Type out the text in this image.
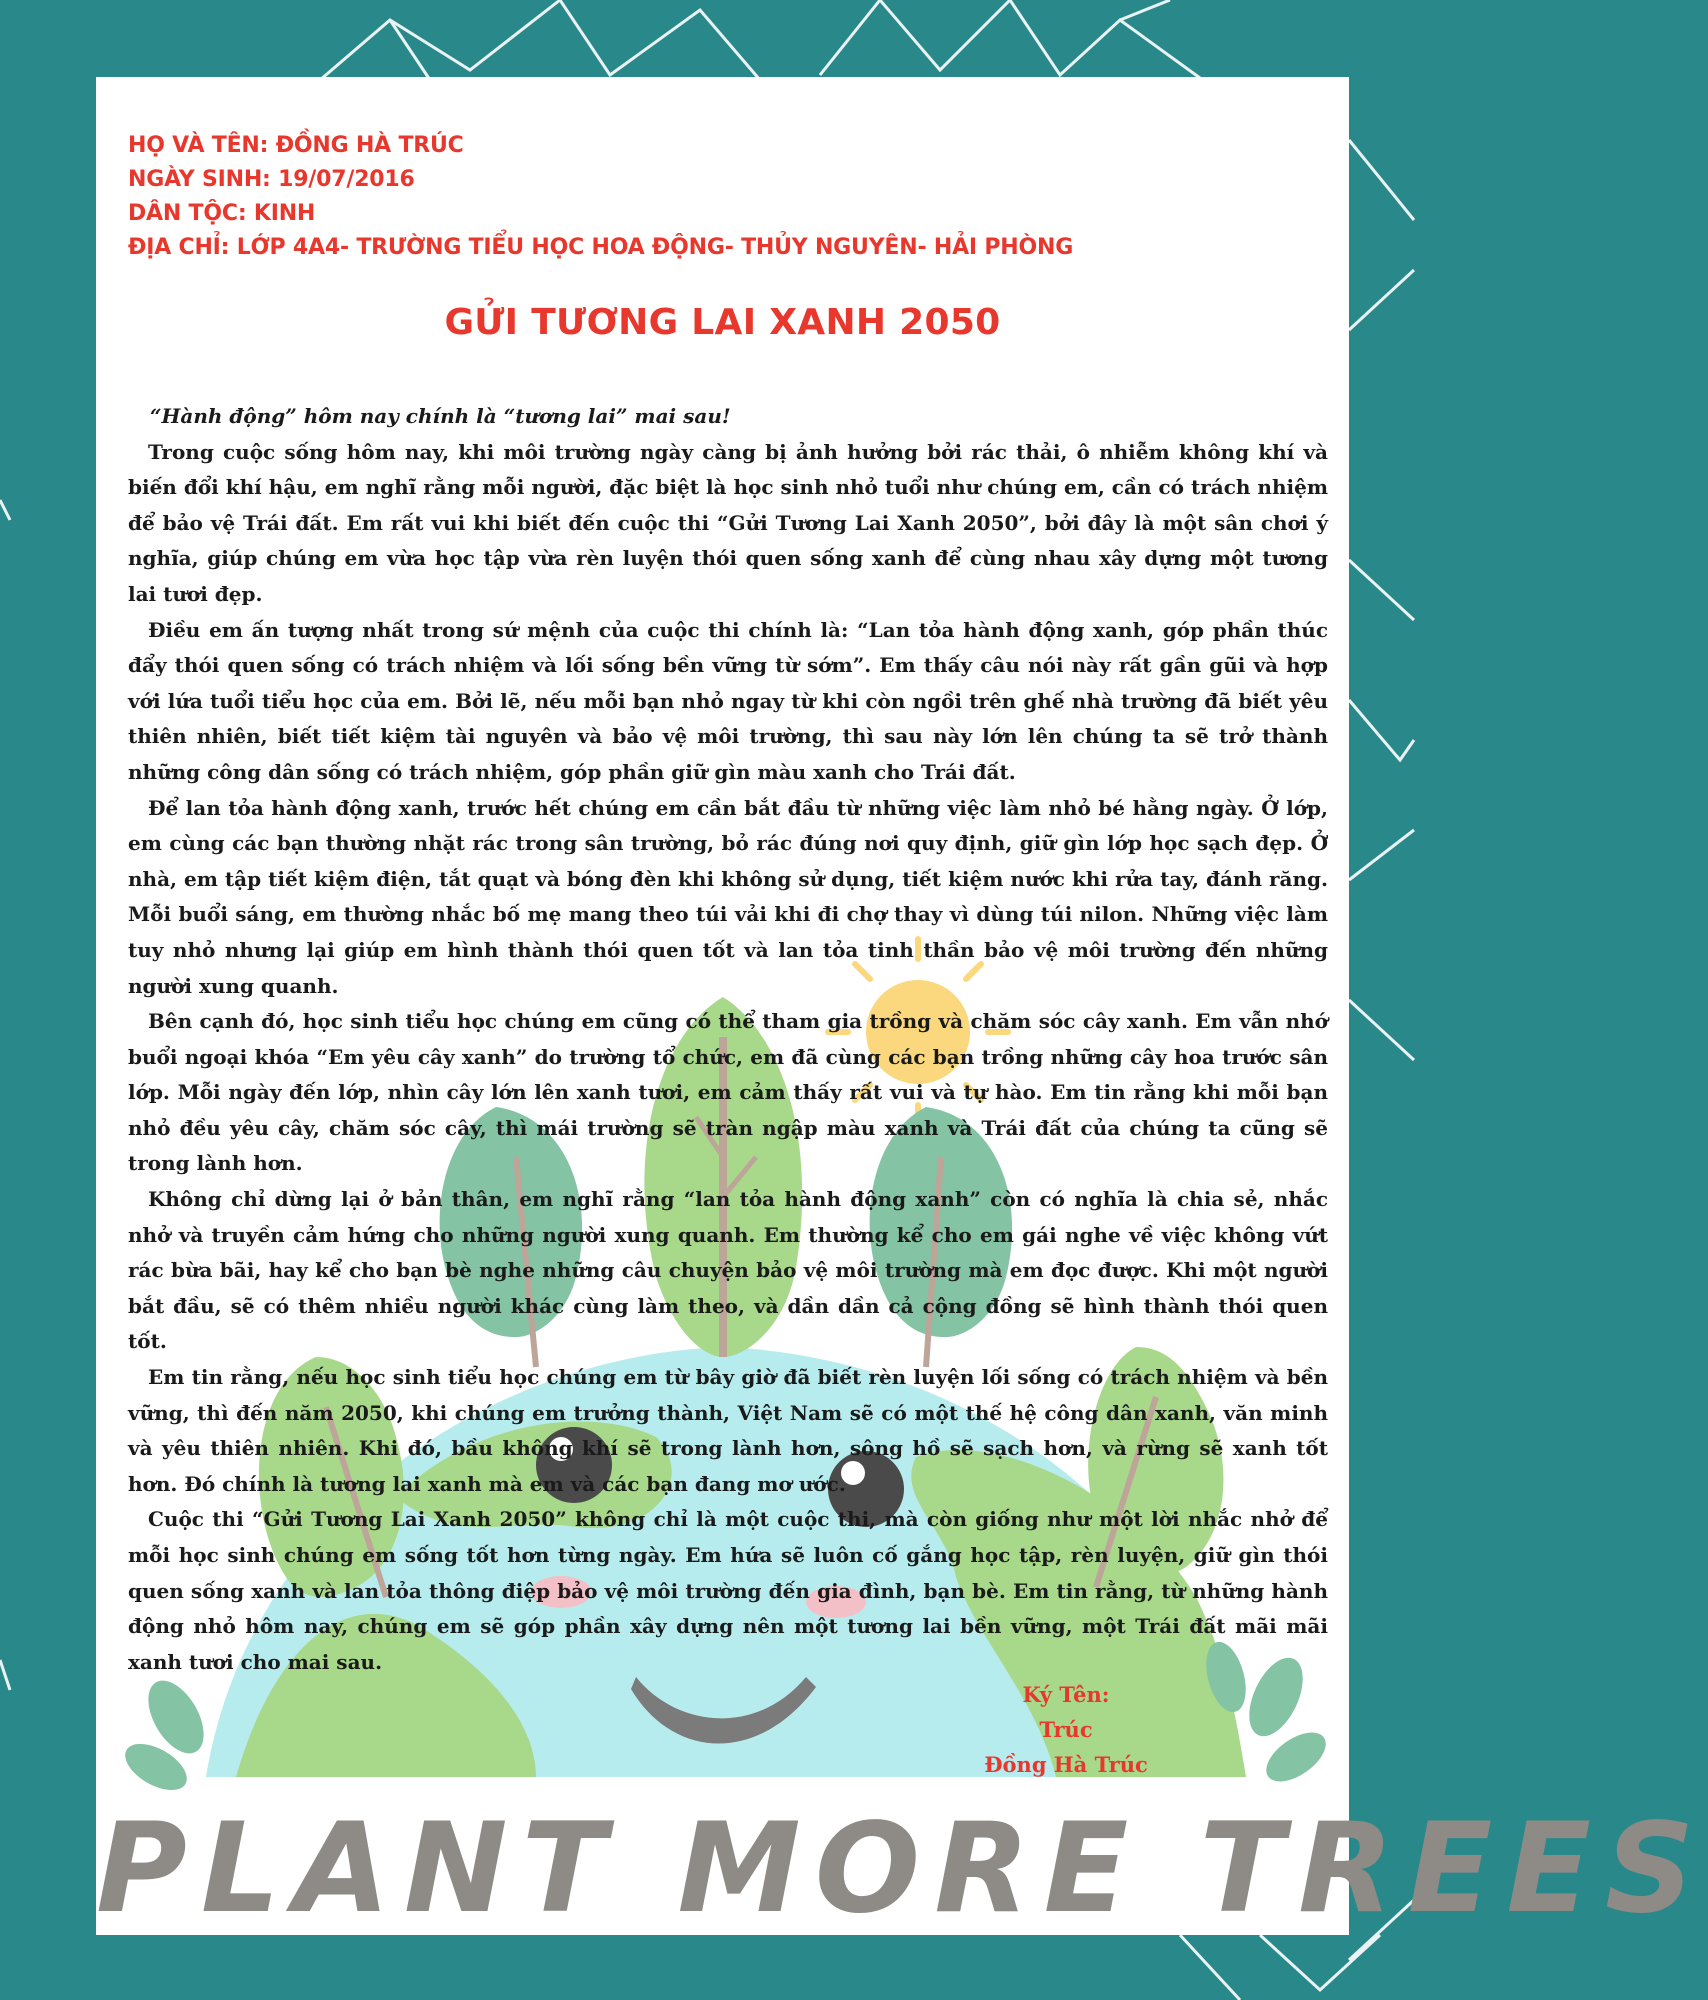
HỌ VÀ TÊN: ĐỒNG HÀ TRÚC
NGÀY SINH: 19/07/2016
DÂN TỘC: KINH
ĐỊA CHỈ: LỚP 4A4- TRƯỜNG TIỂU HỌC HOA ĐỘNG- THỦY NGUYÊN- HẢI PHÒNG
GỬI TƯƠNG LAI XANH 2050

“Hành động” hôm nay chính là “tương lai” mai sau!

Trong cuộc sống hôm nay, khi môi trường ngày càng bị ảnh hưởng bởi rác thải, ô nhiễm không khí và biến đổi khí hậu, em nghĩ rằng mỗi người, đặc biệt là học sinh nhỏ tuổi như chúng em, cần có trách nhiệm để bảo vệ Trái đất. Em rất vui khi biết đến cuộc thi “Gửi Tương Lai Xanh 2050”, bởi đây là một sân chơi ý nghĩa, giúp chúng em vừa học tập vừa rèn luyện thói quen sống xanh để cùng nhau xây dựng một tương lai tươi đẹp.

Điều em ấn tượng nhất trong sứ mệnh của cuộc thi chính là: “Lan tỏa hành động xanh, góp phần thúc đẩy thói quen sống có trách nhiệm và lối sống bền vững từ sớm”. Em thấy câu nói này rất gần gũi và hợp với lứa tuổi tiểu học của em. Bởi lẽ, nếu mỗi bạn nhỏ ngay từ khi còn ngồi trên ghế nhà trường đã biết yêu thiên nhiên, biết tiết kiệm tài nguyên và bảo vệ môi trường, thì sau này lớn lên chúng ta sẽ trở thành những công dân sống có trách nhiệm, góp phần giữ gìn màu xanh cho Trái đất.

Để lan tỏa hành động xanh, trước hết chúng em cần bắt đầu từ những việc làm nhỏ bé hằng ngày. Ở lớp, em cùng các bạn thường nhặt rác trong sân trường, bỏ rác đúng nơi quy định, giữ gìn lớp học sạch đẹp. Ở nhà, em tập tiết kiệm điện, tắt quạt và bóng đèn khi không sử dụng, tiết kiệm nước khi rửa tay, đánh răng. Mỗi buổi sáng, em thường nhắc bố mẹ mang theo túi vải khi đi chợ thay vì dùng túi nilon. Những việc làm tuy nhỏ nhưng lại giúp em hình thành thói quen tốt và lan tỏa tinh thần bảo vệ môi trường đến những người xung quanh.

Bên cạnh đó, học sinh tiểu học chúng em cũng có thể tham gia trồng và chăm sóc cây xanh. Em vẫn nhớ buổi ngoại khóa “Em yêu cây xanh” do trường tổ chức, em đã cùng các bạn trồng những cây hoa trước sân lớp. Mỗi ngày đến lớp, nhìn cây lớn lên xanh tươi, em cảm thấy rất vui và tự hào. Em tin rằng khi mỗi bạn nhỏ đều yêu cây, chăm sóc cây, thì mái trường sẽ tràn ngập màu xanh và Trái đất của chúng ta cũng sẽ trong lành hơn.

Không chỉ dừng lại ở bản thân, em nghĩ rằng “lan tỏa hành động xanh” còn có nghĩa là chia sẻ, nhắc nhở và truyền cảm hứng cho những người xung quanh. Em thường kể cho em gái nghe về việc không vứt rác bừa bãi, hay kể cho bạn bè nghe những câu chuyện bảo vệ môi trường mà em đọc được. Khi một người bắt đầu, sẽ có thêm nhiều người khác cùng làm theo, và dần dần cả cộng đồng sẽ hình thành thói quen tốt.

Em tin rằng, nếu học sinh tiểu học chúng em từ bây giờ đã biết rèn luyện lối sống có trách nhiệm và bền vững, thì đến năm 2050, khi chúng em trưởng thành, Việt Nam sẽ có một thế hệ công dân xanh, văn minh và yêu thiên nhiên. Khi đó, bầu không khí sẽ trong lành hơn, sông hồ sẽ sạch hơn, và rừng sẽ xanh tốt hơn. Đó chính là tương lai xanh mà em và các bạn đang mơ ước.

Cuộc thi “Gửi Tương Lai Xanh 2050” không chỉ là một cuộc thi, mà còn giống như một lời nhắc nhở để mỗi học sinh chúng em sống tốt hơn từng ngày. Em hứa sẽ luôn cố gắng học tập, rèn luyện, giữ gìn thói quen sống xanh và lan tỏa thông điệp bảo vệ môi trường đến gia đình, bạn bè. Em tin rằng, từ những hành động nhỏ hôm nay, chúng em sẽ góp phần xây dựng nên một tương lai bền vững, một Trái đất mãi mãi xanh tươi cho mai sau.

Ký Tên:
Trúc
Đồng Hà Trúc
PLANT MORE TREES
